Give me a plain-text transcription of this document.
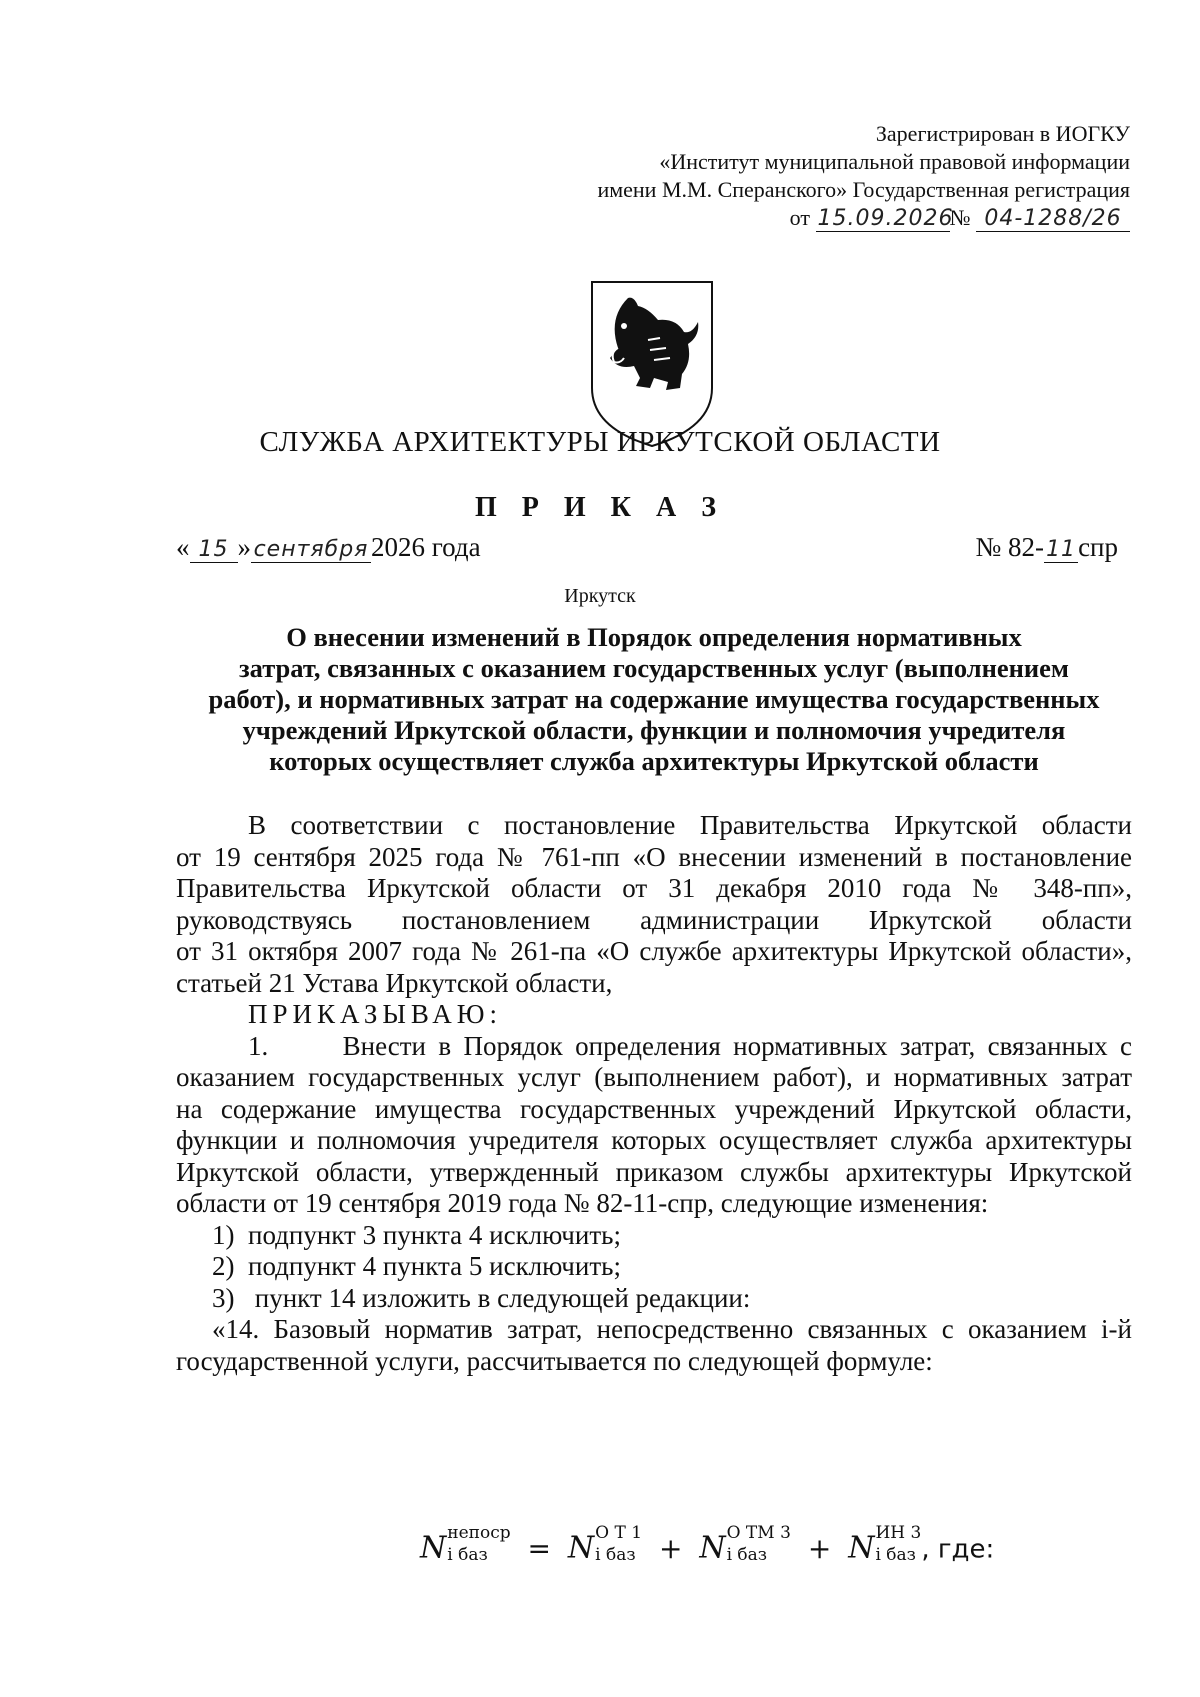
Зарегистрирован в ИОГКУ
«Институт муниципальной правовой информации
имени М.М. Сперанского» Государственная регистрация
от 15.09.2026№ 04-1288/26
СЛУЖБА АРХИТЕКТУРЫ ИРКУТСКОЙ ОБЛАСТИ
П Р И К А З
« 15 » сентября2026 года	№ 82-11спр
Иркутск
О внесении изменений в Порядок определения нормативных
затрат, связанных с оказанием государственных услуг (выполнением
работ), и нормативных затрат на содержание имущества государственных
учреждений Иркутской области, функции и полномочия учредителя
которых осуществляет служба архитектуры Иркутской области
В соответствии с постановление Правительства Иркутской области
от 19 сентября 2025 года № 761-пп «О внесении изменений в постановление
Правительства Иркутской области от 31 декабря 2010 года № 348-пп»,
руководствуясь постановлением администрации Иркутской области
от 31 октября 2007 года № 261-па «О службе архитектуры Иркутской области»,
статьей 21 Устава Иркутской области,
ПРИКАЗЫВАЮ:
1.      Внести в Порядок определения нормативных затрат, связанных с
оказанием государственных услуг (выполнением работ), и нормативных затрат
на содержание имущества государственных учреждений Иркутской области,
функции и полномочия учредителя которых осуществляет служба архитектуры
Иркутской области, утвержденный приказом службы архитектуры Иркутской
области от 19 сентября 2019 года № 82-11-спр, следующие изменения:
1)  подпункт 3 пункта 4 исключить;
2)  подпункт 4 пункта 5 исключить;
3)   пункт 14 изложить в следующей редакции:
«14. Базовый норматив затрат, непосредственно связанных с оказанием i-й
государственной услуги, рассчитывается по следующей формуле:
N непоср
i баз	= N О Т 1
i баз + N О ТМ 3
i баз	+ N ИН 3
i баз , где:
